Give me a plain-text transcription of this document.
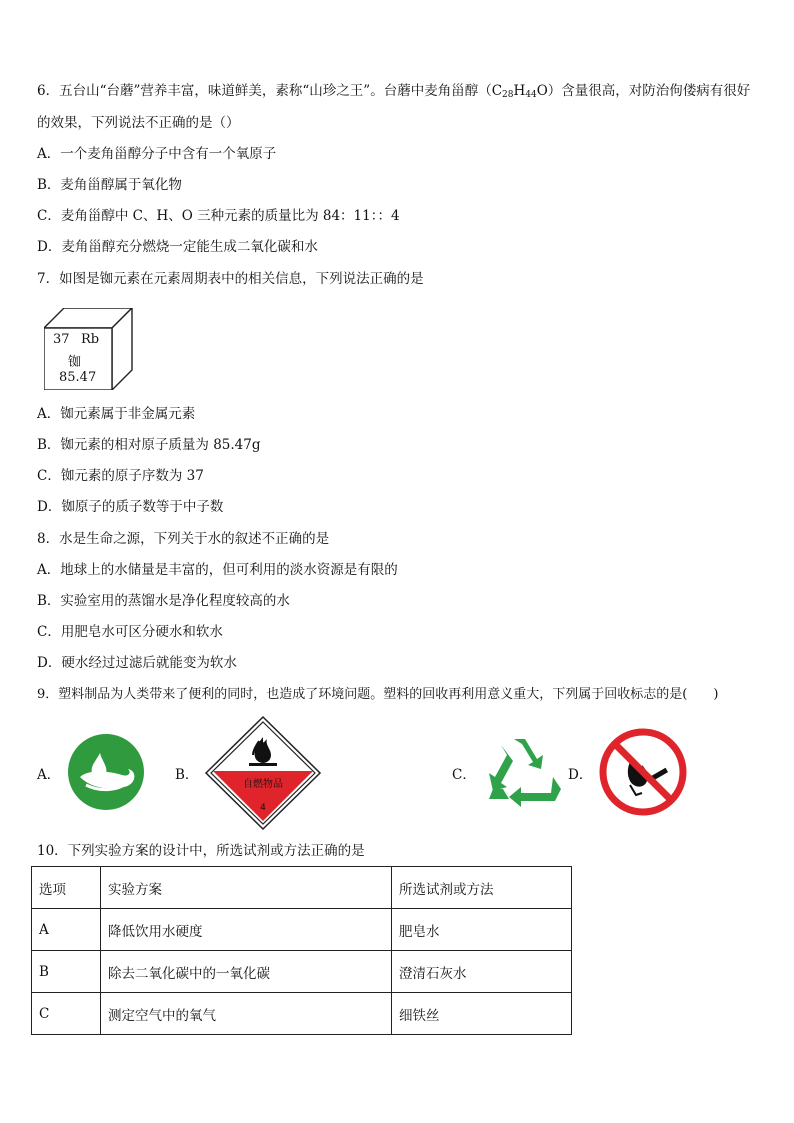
6．五台山“台蘑”营养丰富，味道鲜美，素称“山珍之王”。台蘑中麦角甾醇$(C_{28}H_{44}O)$含量很高，对防治佝偻病有很好
的效果，下列说法不正确的是（）
A．一个麦角甾醇分子中含有一个氧原子
B．麦角甾醇属于氧化物
C．麦角甾醇中 C、H、O 三种元素的质量比为 84：11：：4
D．麦角甾醇充分燃烧一定能生成二氧化碳和水
7．如图是铷元素在元素周期表中的相关信息，下列说法正确的是
37 Rb
铷
85.47
A．铷元素属于非金属元素
B．铷元素的相对原子质量为 85.47g
C．铷元素的原子序数为 37
D．铷原子的质子数等于中子数
8．水是生命之源，下列关于水的叙述不正确的是
A．地球上的水储量是丰富的，但可利用的淡水资源是有限的
B．实验室用的蒸馏水是净化程度较高的水
C．用肥皂水可区分硬水和软水
D．硬水经过过滤后就能变为软水
9．塑料制品为人类带来了便利的同时，也造成了环境问题。塑料的回收再利用意义重大，下列属于回收标志的是(　　)
A．	B．
自燃物品
4
C．	D．
10．下列实验方案的设计中，所选试剂或方法正确的是
选项	实验方案	所选试剂或方法
A	降低饮用水硬度	肥皂水
B	除去二氧化碳中的一氧化碳	澄清石灰水
C	测定空气中的氧气	细铁丝
